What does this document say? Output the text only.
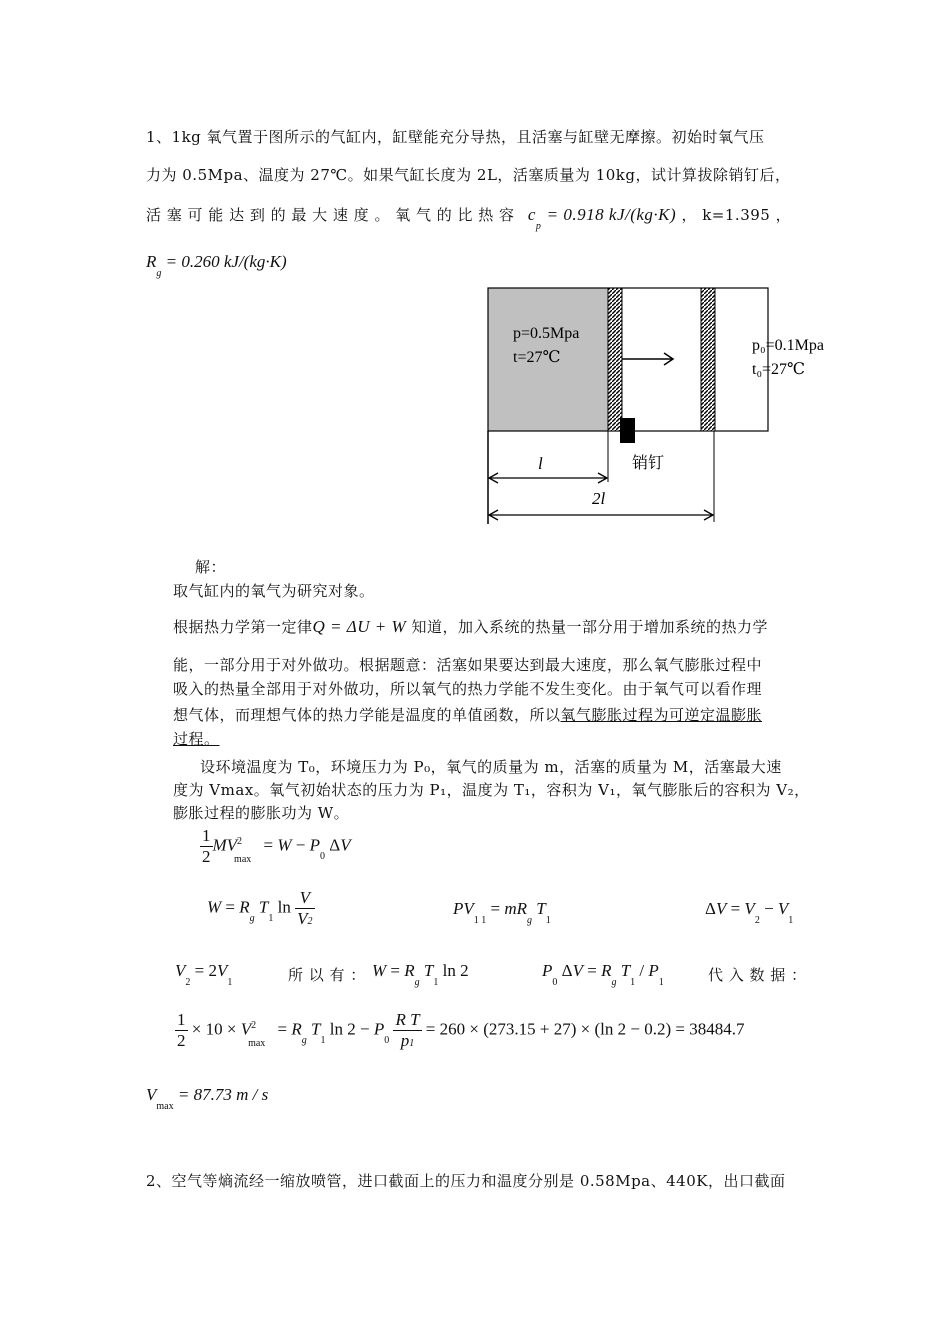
1、1kg 氧气置于图所示的气缸内，缸壁能充分导热，且活塞与缸壁无摩擦。初始时氧气压
力为 0.5Mpa、温度为 27℃。如果气缸长度为 2L，活塞质量为 10kg，试计算拔除销钉后，
活 塞 可 能 达 到 的 最 大 速 度 。 氧 气 的 比 热 容 $c_p = 0.918$ kJ/(kg·K) ， k=1.395 ，
$R_g = 0.260$ kJ/(kg·K)
p=0.5Mpa
t=27℃
p₀=0.1Mpa
t₀=27℃
销钉
l
2l
解：
取气缸内的氧气为研究对象。
根据热力学第一定律Q = ΔU + W 知道，加入系统的热量一部分用于增加系统的热力学
能，一部分用于对外做功。根据题意：活塞如果要达到最大速度，那么氧气膨胀过程中
吸入的热量全部用于对外做功，所以氧气的热力学能不发生变化。由于氧气可以看作理
想气体，而理想气体的热力学能是温度的单值函数，所以氧气膨胀过程为可逆定温膨胀
过程。
设环境温度为 T₀，环境压力为 P₀，氧气的质量为 m，活塞的质量为 M，活塞最大速
度为 Vmax。氧气初始状态的压力为 P₁，温度为 T₁，容积为 V₁，氧气膨胀后的容积为 V₂，
膨胀过程的膨胀功为 W。
$\frac{1}{2} MV^2_{max} = W - P_0$ ΔV
$W = R_g$ $T_1$ $\ln \frac{V}{V2}$	$PV_{1 1} = mR_g$ $T_1$
$\Delta V = V_2 - V_1$
$V_2 = 2V_1$	所 以 有 ： $W = R_g$ $T_1$ ln 2	$P_0$ $\Delta V = R_g$ $T_1 / P_1$	代 入 数 据 ：
$\frac{1}{2} \times 10 \times V^2_{max} = R_g$ $T_1$ $\ln 2 - P_0 \frac{\text{R T}}{p1} = 260 \times (273.15 + 27) \times (\ln$ 2 − 0.2) = 38484.7
$V_{max} = 87.73$ m / s
2、空气等熵流经一缩放喷管，进口截面上的压力和温度分别是 0.58Mpa、440K，出口截面
